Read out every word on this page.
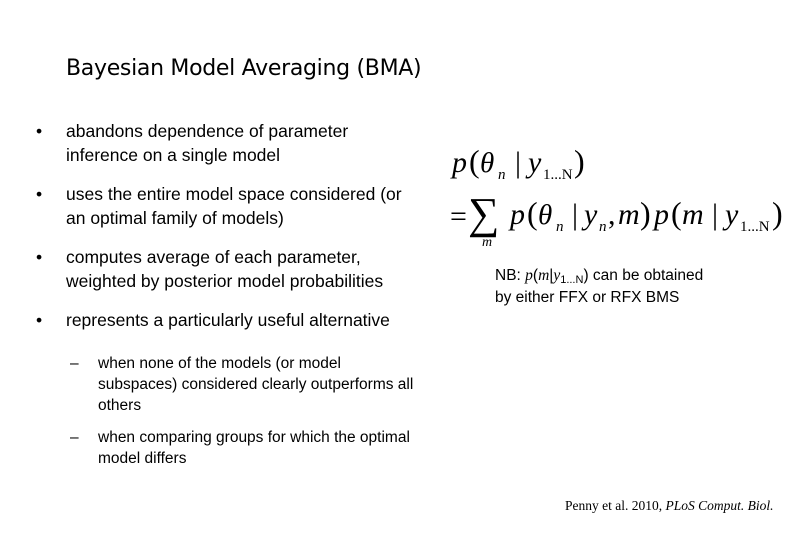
Bayesian Model Averaging (BMA)
• abandons dependence of parameter inference on a single model
• uses the entire model space considered (or an optimal family of models)
• computes average of each parameter, weighted by posterior model probabilities
• represents a particularly useful alternative
– when none of the models (or model subspaces) considered clearly outperforms all others
– when comparing groups for which the optimal model differs
p ( θ n | y 1...N )
= ∑
m
p ( θ n | y n , m ) p ( m | y 1...N )
NB: $p(m|y_{1...N})$ can be obtained
by either FFX or RFX BMS
Penny et al. 2010, PLoS Comput. Biol.
